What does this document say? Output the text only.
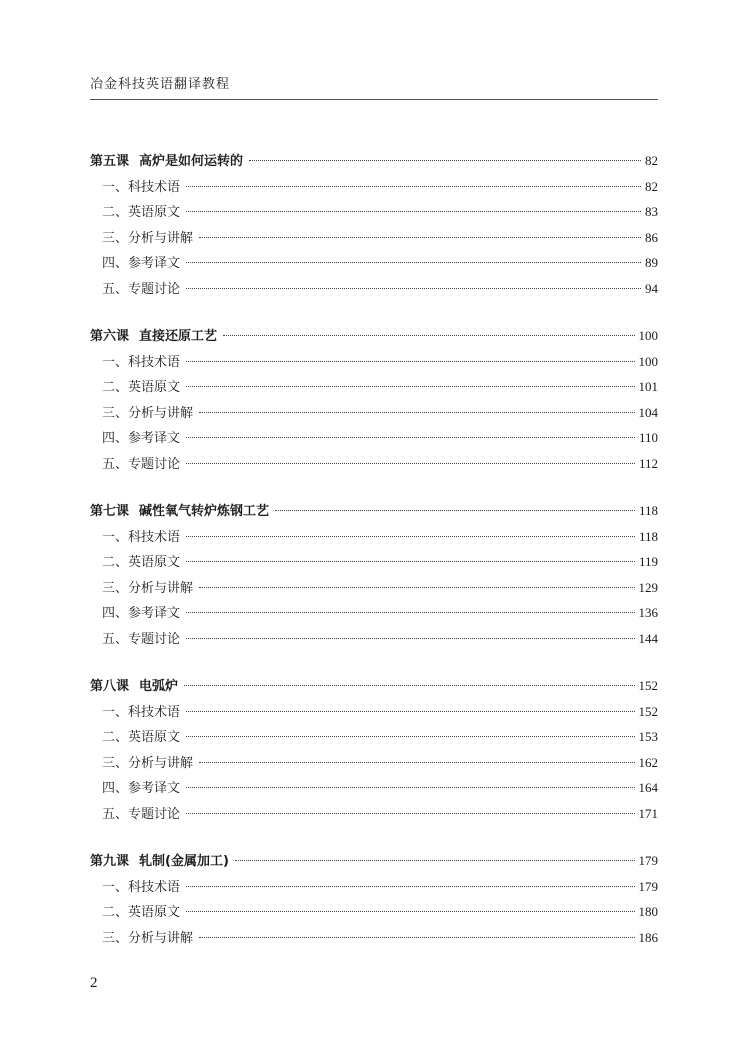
冶金科技英语翻译教程
第五课 高炉是如何运转的	82
一、科技术语	82
二、英语原文	83
三、分析与讲解	86
四、参考译文	89
五、专题讨论	94
第六课 直接还原工艺	100
一、科技术语	100
二、英语原文	101
三、分析与讲解	104
四、参考译文	110
五、专题讨论	112
第七课 碱性氧气转炉炼钢工艺	118
一、科技术语	118
二、英语原文	119
三、分析与讲解	129
四、参考译文	136
五、专题讨论	144
第八课 电弧炉	152
一、科技术语	152
二、英语原文	153
三、分析与讲解	162
四、参考译文	164
五、专题讨论	171
第九课 轧制(金属加工)	179
一、科技术语	179
二、英语原文	180
三、分析与讲解	186
2
